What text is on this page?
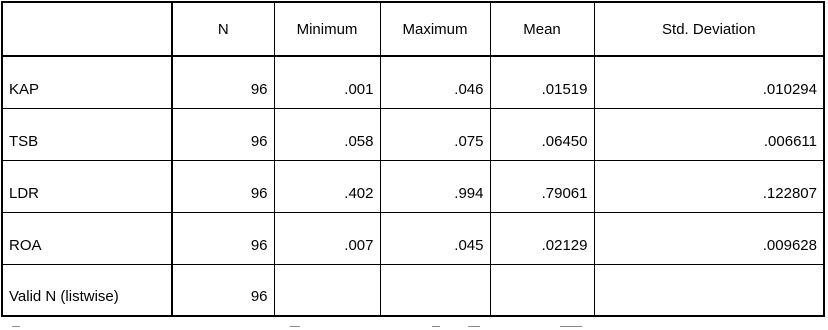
	N	Minimum	Maximum	Mean	Std. Deviation
KAP	96	.001	.046	.01519	.010294
TSB	96	.058	.075	.06450	.006611
LDR	96	.402	.994	.79061	.122807
ROA	96	.007	.045	.02129	.009628
Valid N (listwise)	96				
